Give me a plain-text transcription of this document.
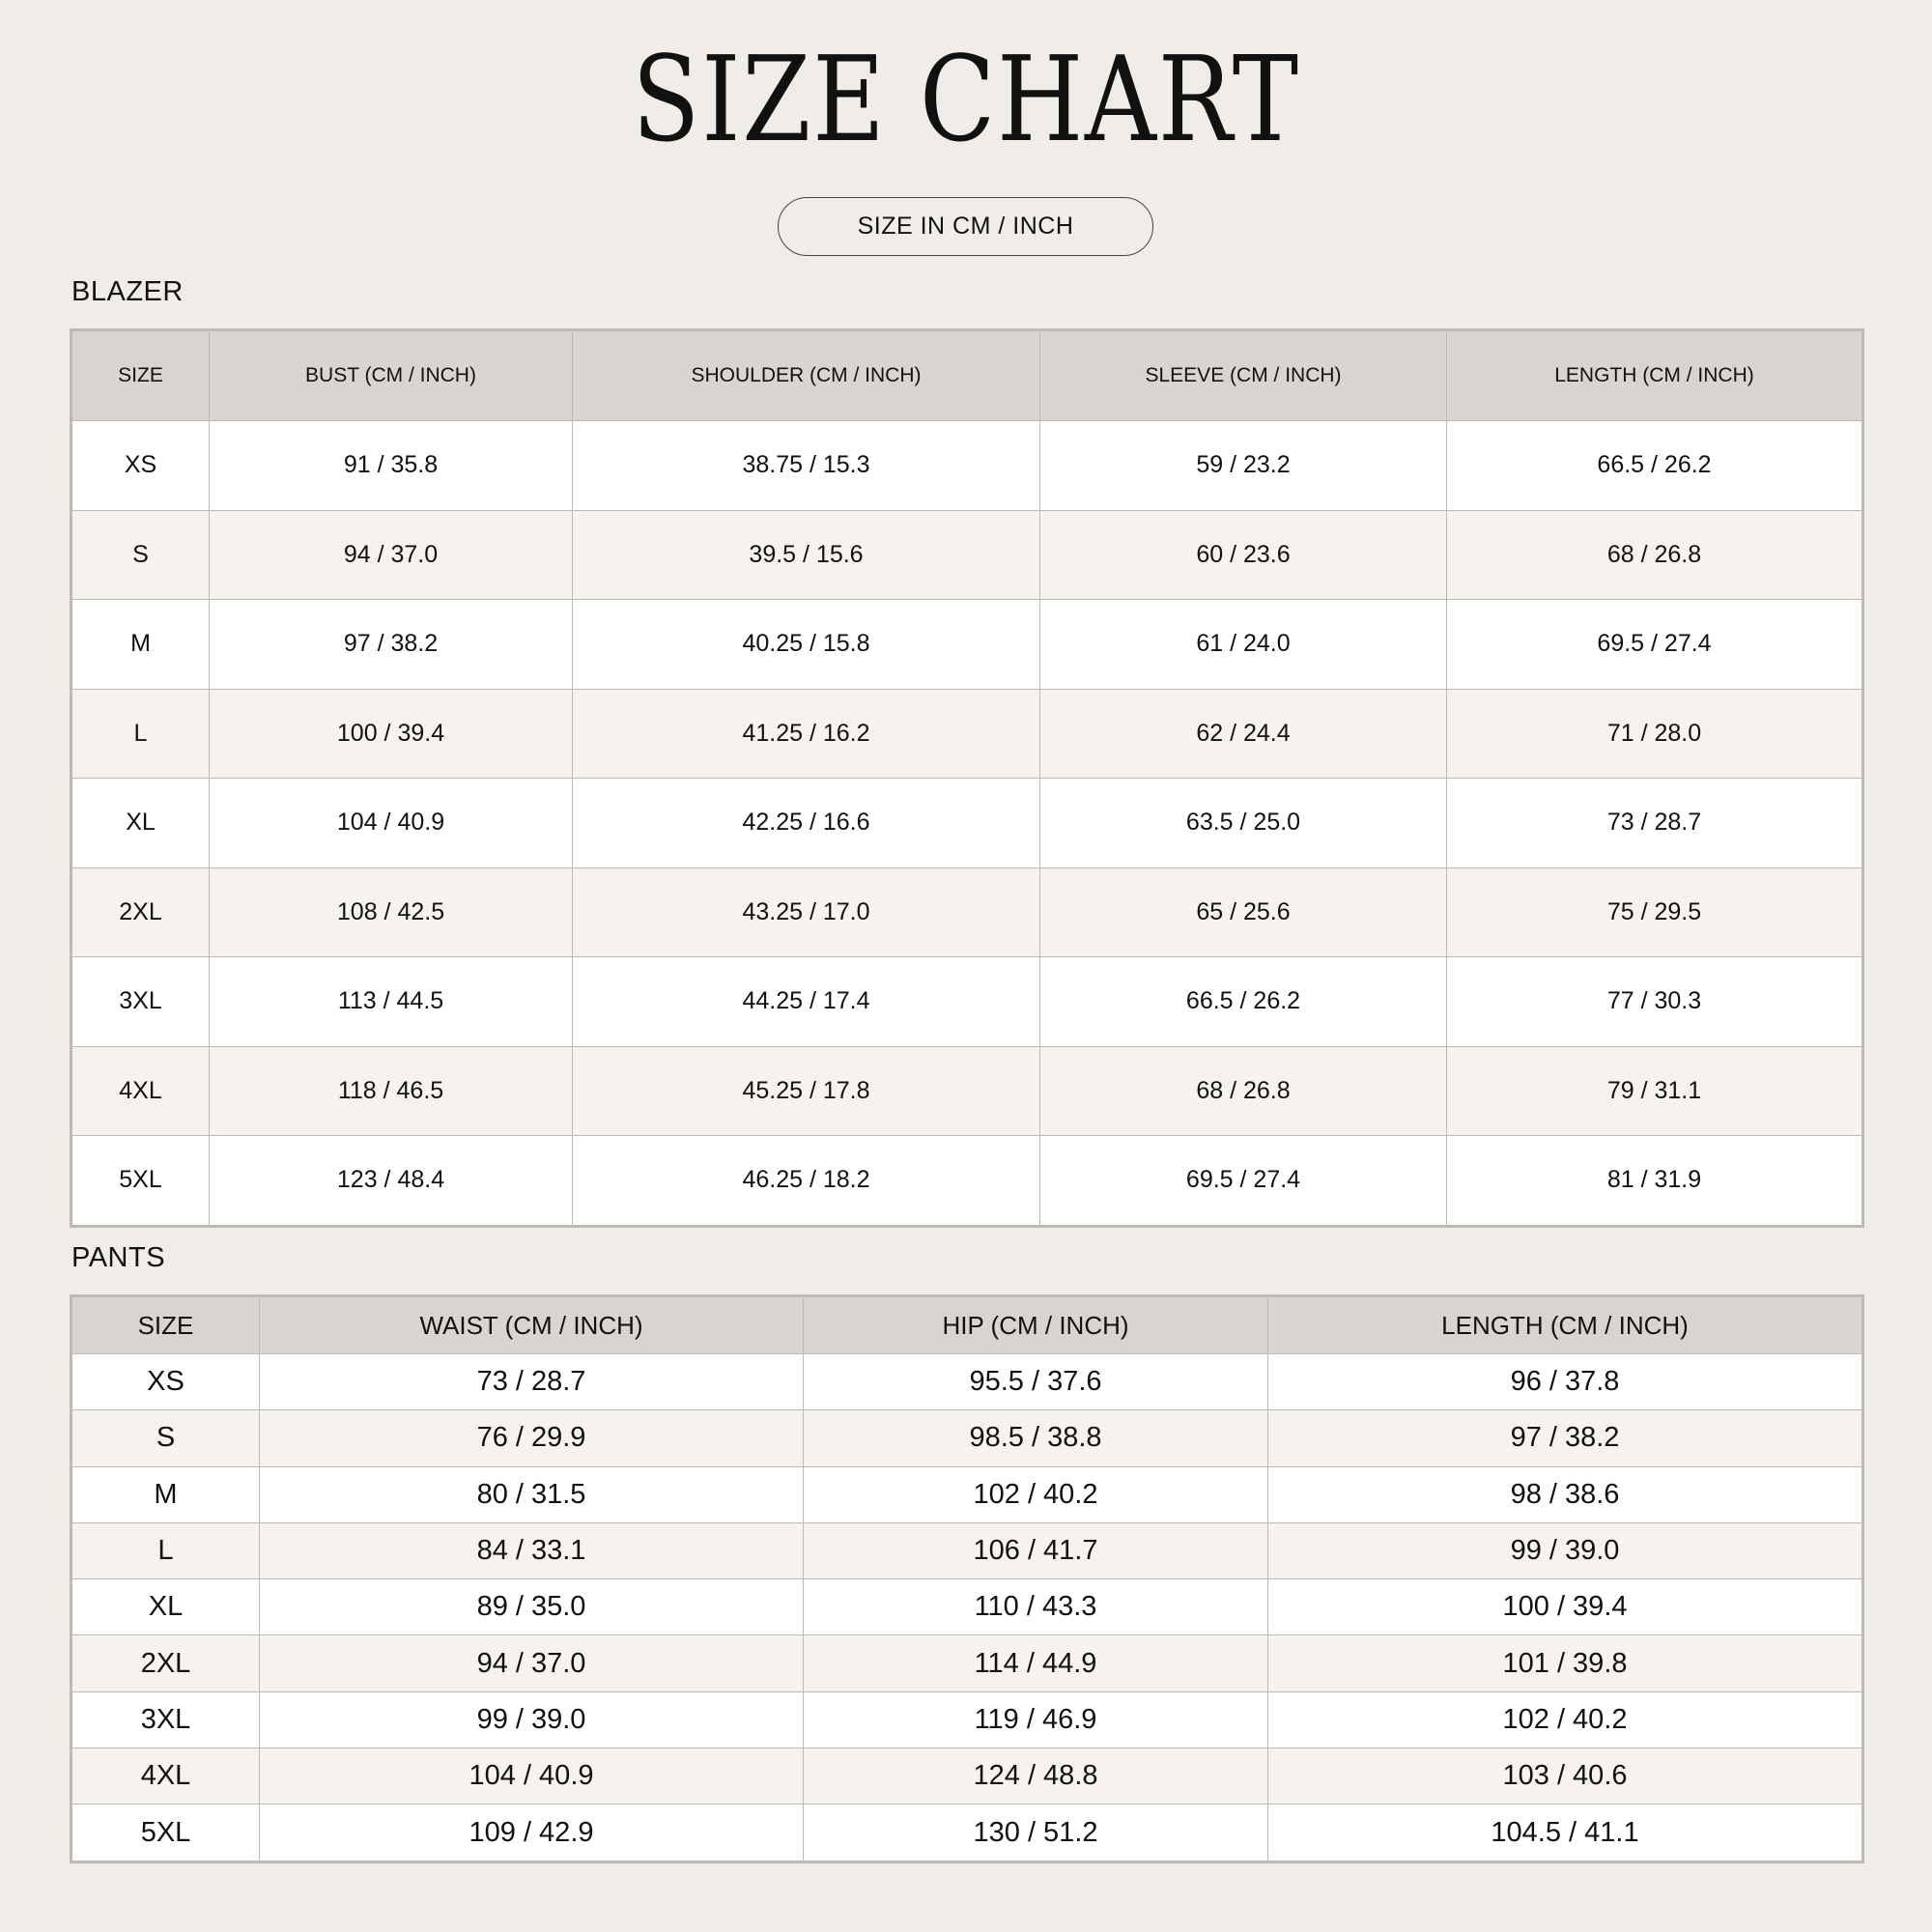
SIZE CHART
SIZE IN CM / INCH
BLAZER
SIZE	BUST (CM / INCH)	SHOULDER (CM / INCH)	SLEEVE (CM / INCH)	LENGTH (CM / INCH)
XS	91 / 35.8	38.75 / 15.3	59 / 23.2	66.5 / 26.2
S	94 / 37.0	39.5 / 15.6	60 / 23.6	68 / 26.8
M	97 / 38.2	40.25 / 15.8	61 / 24.0	69.5 / 27.4
L	100 / 39.4	41.25 / 16.2	62 / 24.4	71 / 28.0
XL	104 / 40.9	42.25 / 16.6	63.5 / 25.0	73 / 28.7
2XL	108 / 42.5	43.25 / 17.0	65 / 25.6	75 / 29.5
3XL	113 / 44.5	44.25 / 17.4	66.5 / 26.2	77 / 30.3
4XL	118 / 46.5	45.25 / 17.8	68 / 26.8	79 / 31.1
5XL	123 / 48.4	46.25 / 18.2	69.5 / 27.4	81 / 31.9
PANTS
SIZE	WAIST (CM / INCH)	HIP (CM / INCH)	LENGTH (CM / INCH)
XS	73 / 28.7	95.5 / 37.6	96 / 37.8
S	76 / 29.9	98.5 / 38.8	97 / 38.2
M	80 / 31.5	102 / 40.2	98 / 38.6
L	84 / 33.1	106 / 41.7	99 / 39.0
XL	89 / 35.0	110 / 43.3	100 / 39.4
2XL	94 / 37.0	114 / 44.9	101 / 39.8
3XL	99 / 39.0	119 / 46.9	102 / 40.2
4XL	104 / 40.9	124 / 48.8	103 / 40.6
5XL	109 / 42.9	130 / 51.2	104.5 / 41.1
